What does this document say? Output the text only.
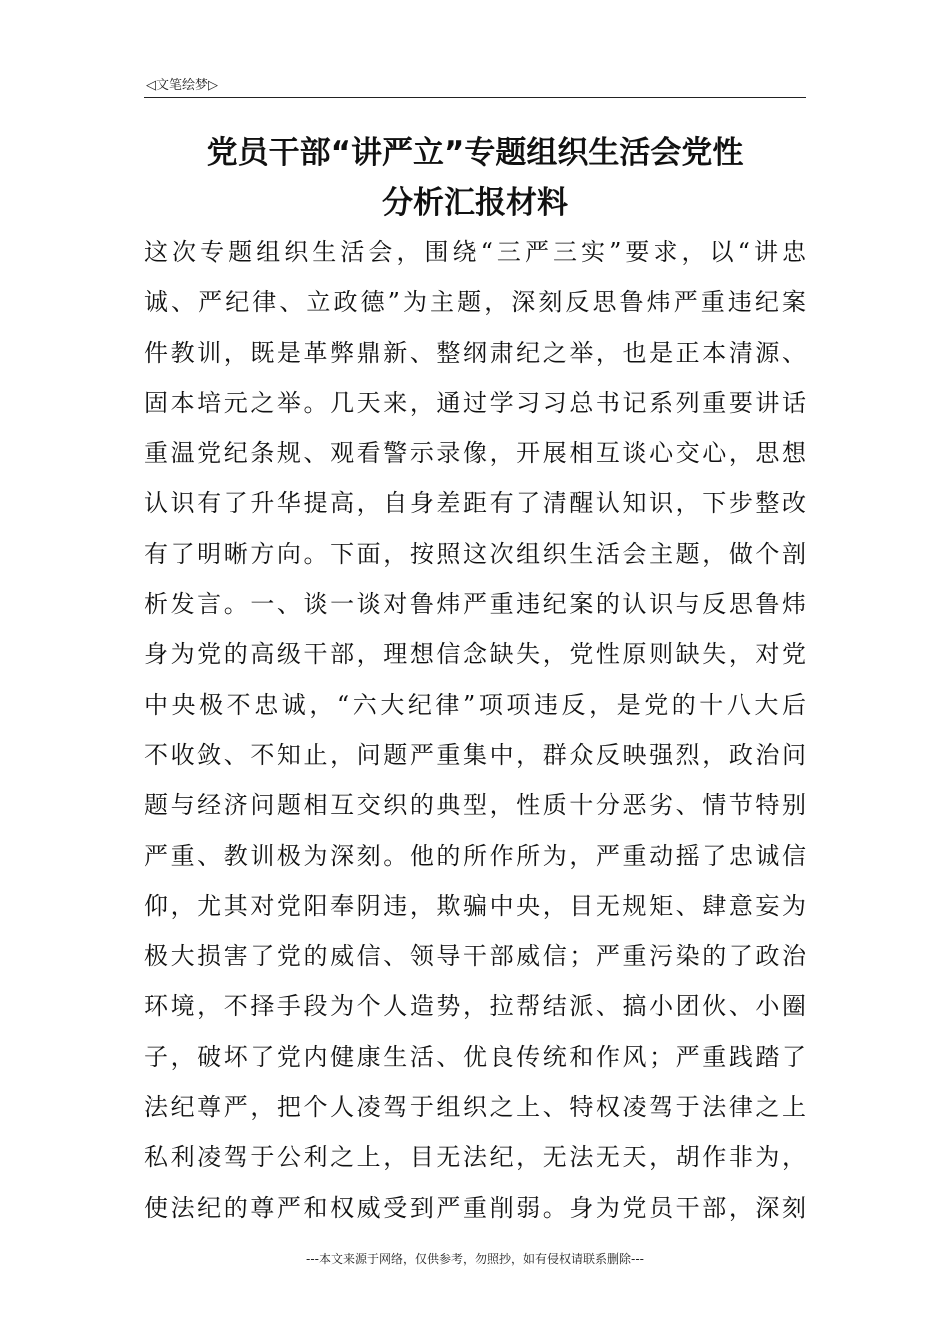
◁文笔绘梦▷
党员干部“讲严立”专题组织生活会党性
分析汇报材料
这次专题组织生活会，围绕“三严三实”要求，以“讲忠
诚、严纪律、立政德”为主题，深刻反思鲁炜严重违纪案
件教训，既是革弊鼎新、整纲肃纪之举，也是正本清源、
固本培元之举。几天来，通过学习习总书记系列重要讲话
重温党纪条规、观看警示录像，开展相互谈心交心，思想
认识有了升华提高，自身差距有了清醒认知识，下步整改
有了明晰方向。下面，按照这次组织生活会主题，做个剖
析发言。一、谈一谈对鲁炜严重违纪案的认识与反思鲁炜
身为党的高级干部，理想信念缺失，党性原则缺失，对党
中央极不忠诚，“六大纪律”项项违反，是党的十八大后
不收敛、不知止，问题严重集中，群众反映强烈，政治问
题与经济问题相互交织的典型，性质十分恶劣、情节特别
严重、教训极为深刻。他的所作所为，严重动摇了忠诚信
仰，尤其对党阳奉阴违，欺骗中央，目无规矩、肆意妄为
极大损害了党的威信、领导干部威信；严重污染的了政治
环境，不择手段为个人造势，拉帮结派、搞小团伙、小圈
子，破坏了党内健康生活、优良传统和作风；严重践踏了
法纪尊严，把个人凌驾于组织之上、特权凌驾于法律之上
私利凌驾于公利之上，目无法纪，无法无天，胡作非为，
使法纪的尊严和权威受到严重削弱。身为党员干部，深刻
---本文来源于网络，仅供参考，勿照抄，如有侵权请联系删除---
